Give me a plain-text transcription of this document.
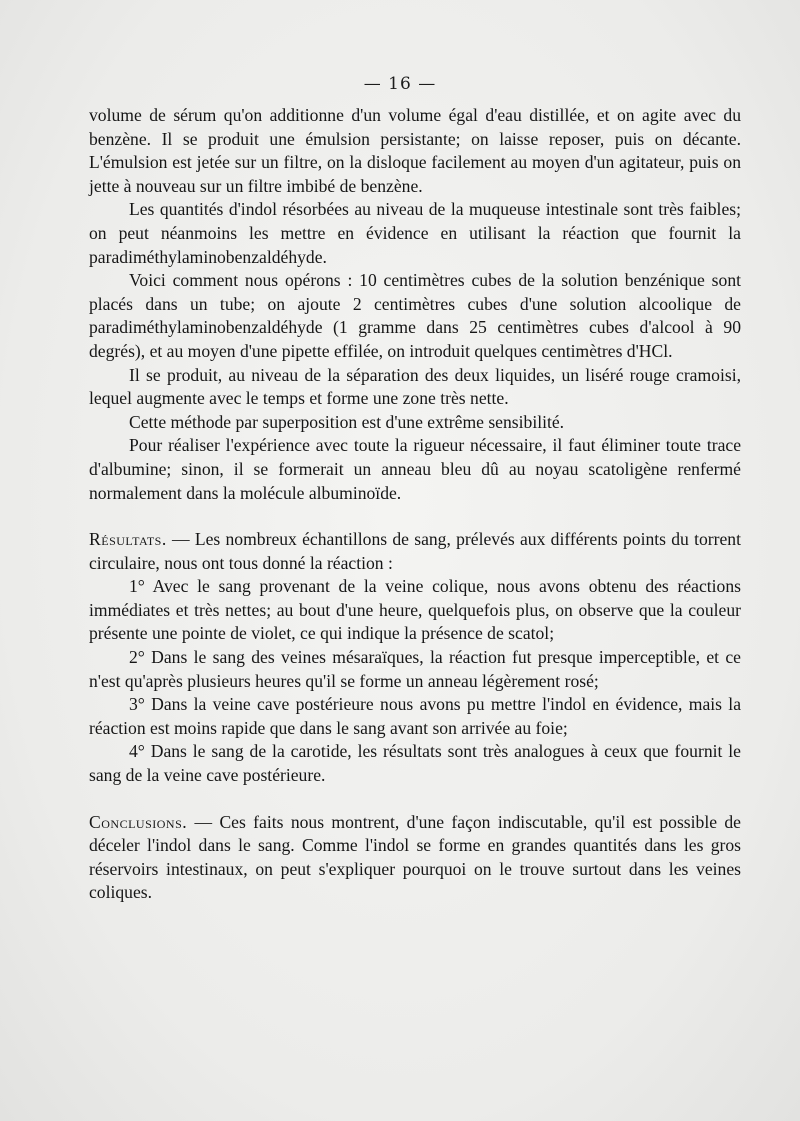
— 16 —

volume de sérum qu'on additionne d'un volume égal d'eau distillée, et on agite avec du benzène. Il se produit une émulsion persistante; on laisse reposer, puis on décante. L'émulsion est jetée sur un filtre, on la disloque facilement au moyen d'un agitateur, puis on jette à nouveau sur un filtre imbibé de benzène.

Les quantités d'indol résorbées au niveau de la muqueuse intestinale sont très faibles; on peut néanmoins les mettre en évidence en utilisant la réaction que fournit la paradiméthylaminobenzaldéhyde.

Voici comment nous opérons : 10 centimètres cubes de la solution benzénique sont placés dans un tube; on ajoute 2 centimètres cubes d'une solution alcoolique de paradiméthylaminobenzaldéhyde (1 gramme dans 25 centimètres cubes d'alcool à 90 degrés), et au moyen d'une pipette effilée, on introduit quelques centimètres d'HCl.

Il se produit, au niveau de la séparation des deux liquides, un liséré rouge cramoisi, lequel augmente avec le temps et forme une zone très nette.

Cette méthode par superposition est d'une extrême sensibilité.

Pour réaliser l'expérience avec toute la rigueur nécessaire, il faut éliminer toute trace d'albumine; sinon, il se formerait un anneau bleu dû au noyau scatoligène renfermé normalement dans la molécule albuminoïde.

Résultats. — Les nombreux échantillons de sang, prélevés aux différents points du torrent circulaire, nous ont tous donné la réaction :

1° Avec le sang provenant de la veine colique, nous avons obtenu des réactions immédiates et très nettes; au bout d'une heure, quelquefois plus, on observe que la couleur présente une pointe de violet, ce qui indique la présence de scatol;

2° Dans le sang des veines mésaraïques, la réaction fut presque imperceptible, et ce n'est qu'après plusieurs heures qu'il se forme un anneau légèrement rosé;

3° Dans la veine cave postérieure nous avons pu mettre l'indol en évidence, mais la réaction est moins rapide que dans le sang avant son arrivée au foie;

4° Dans le sang de la carotide, les résultats sont très analogues à ceux que fournit le sang de la veine cave postérieure.

Conclusions. — Ces faits nous montrent, d'une façon indiscutable, qu'il est possible de déceler l'indol dans le sang. Comme l'indol se forme en grandes quantités dans les gros réservoirs intestinaux, on peut s'expliquer pourquoi on le trouve surtout dans les veines coliques.
